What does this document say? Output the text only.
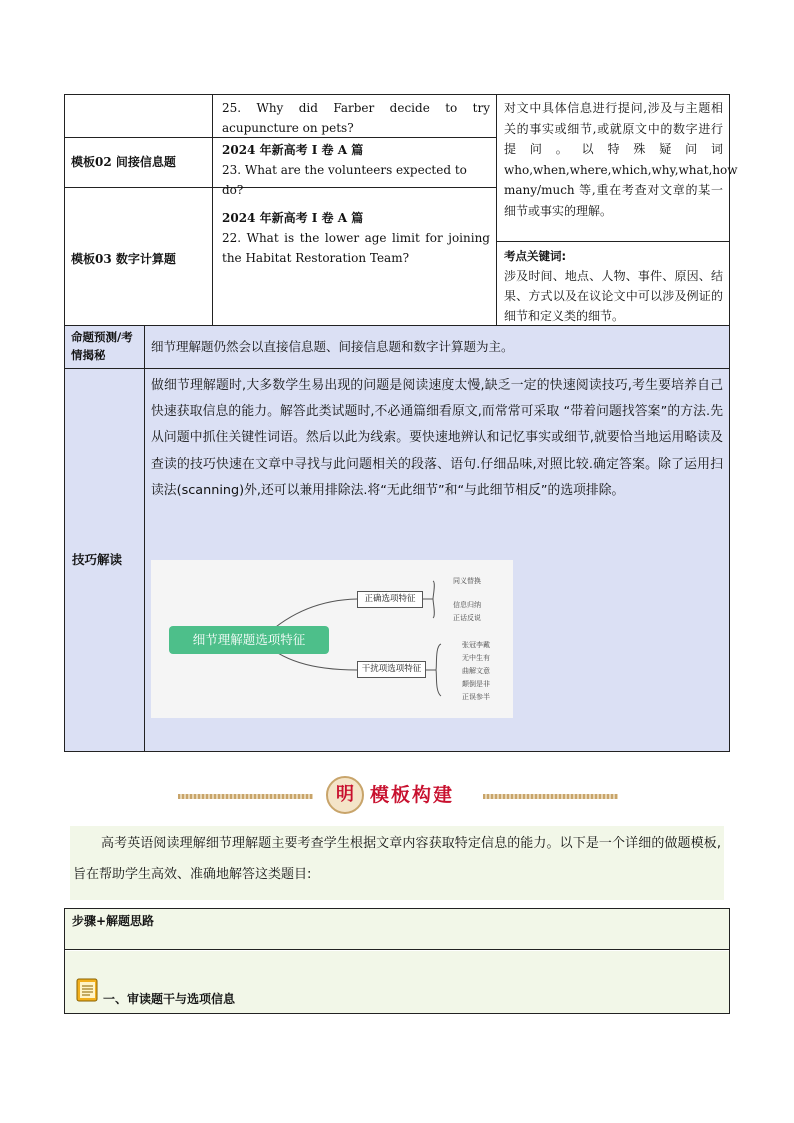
25. Why did Farber decide to try acupuncture on pets?
模板02 间接信息题
2024 年新高考 I 卷 A 篇
23. What are the volunteers expected to do?
模板03 数字计算题
2024 年新高考 I 卷 A 篇
22. What is the lower age limit for joining the Habitat Restoration Team?
对文中具体信息进行提问,涉及与主题相关的事实或细节,或就原文中的数字进行提问。以特殊疑问词who,when,where,which,why,what,how many/much 等,重在考查对文章的某一细节或事实的理解。
考点关键词:
涉及时间、地点、人物、事件、原因、结果、方式以及在议论文中可以涉及例证的细节和定义类的细节。
命题预测/考情揭秘
细节理解题仍然会以直接信息题、间接信息题和数字计算题为主。
技巧解读
做细节理解题时,大多数学生易出现的问题是阅读速度太慢,缺乏一定的快速阅读技巧,考生要培养自己快速获取信息的能力。解答此类试题时,不必通篇细看原文,而常常可采取 “带着问题找答案”的方法.先从问题中抓住关键性词语。然后以此为线索。要快速地辨认和记忆事实或细节,就要恰当地运用略读及查读的技巧快速在文章中寻找与此问题相关的段落、语句.仔细品味,对照比较.确定答案。除了运用扫读法(scanning)外,还可以兼用排除法.将“无此细节”和“与此细节相反”的选项排除。
细节理解题选项特征
正确选项特征
干扰项选项特征
同义替换
信息归纳
正话反说
张冠李戴
无中生有
曲解文意
颠倒是非
正误参半
明 模板构建
高考英语阅读理解细节理解题主要考查学生根据文章内容获取特定信息的能力。以下是一个详细的做题模板,旨在帮助学生高效、准确地解答这类题目:
步骤+解题思路
一、审读题干与选项信息
